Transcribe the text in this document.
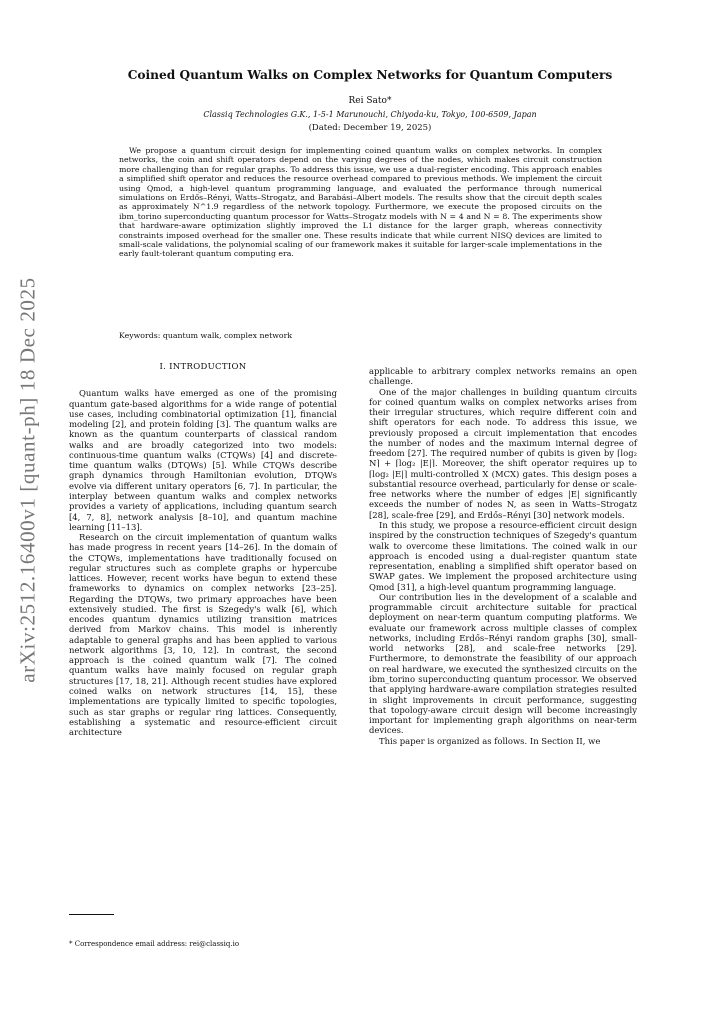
arXiv:2512.16400v1 [quant-ph] 18 Dec 2025
Coined Quantum Walks on Complex Networks for Quantum Computers
Rei Sato*
Classiq Technologies G.K., 1-5-1 Marunouchi, Chiyoda-ku, Tokyo, 100-6509, Japan
(Dated: December 19, 2025)

We propose a quantum circuit design for implementing coined quantum walks on complex networks. In complex networks, the coin and shift operators depend on the varying degrees of the nodes, which makes circuit construction more challenging than for regular graphs. To address this issue, we use a dual-register encoding. This approach enables a simplified shift operator and reduces the resource overhead compared to previous methods. We implement the circuit using Qmod, a high-level quantum programming language, and evaluated the performance through numerical simulations on Erdős–Rényi, Watts–Strogatz, and Barabási–Albert models. The results show that the circuit depth scales as approximately N^1.9 regardless of the network topology. Furthermore, we execute the proposed circuits on the ibm_torino superconducting quantum processor for Watts–Strogatz models with N = 4 and N = 8. The experiments show that hardware-aware optimization slightly improved the L1 distance for the larger graph, whereas connectivity constraints imposed overhead for the smaller one. These results indicate that while current NISQ devices are limited to small-scale validations, the polynomial scaling of our framework makes it suitable for larger-scale implementations in the early fault-tolerant quantum computing era.

Keywords: quantum walk, complex network
I. INTRODUCTION

Quantum walks have emerged as one of the promising quantum gate-based algorithms for a wide range of potential use cases, including combinatorial optimization [1], financial modeling [2], and protein folding [3]. The quantum walks are known as the quantum counterparts of classical random walks and are broadly categorized into two models: continuous-time quantum walks (CTQWs) [4] and discrete-time quantum walks (DTQWs) [5]. While CTQWs describe graph dynamics through Hamiltonian evolution, DTQWs evolve via different unitary operators [6, 7]. In particular, the interplay between quantum walks and complex networks provides a variety of applications, including quantum search [4, 7, 8], network analysis [8–10], and quantum machine learning [11–13].

Research on the circuit implementation of quantum walks has made progress in recent years [14–26]. In the domain of the CTQWs, implementations have traditionally focused on regular structures such as complete graphs or hypercube lattices. However, recent works have begun to extend these frameworks to dynamics on complex networks [23–25]. Regarding the DTQWs, two primary approaches have been extensively studied. The first is Szegedy's walk [6], which encodes quantum dynamics utilizing transition matrices derived from Markov chains. This model is inherently adaptable to general graphs and has been applied to various network algorithms [3, 10, 12]. In contrast, the second approach is the coined quantum walk [7]. The coined quantum walks have mainly focused on regular graph structures [17, 18, 21]. Although recent studies have explored coined walks on network structures [14, 15], these implementations are typically limited to specific topologies, such as star graphs or regular ring lattices. Consequently, establishing a systematic and resource-efficient circuit architecture

applicable to arbitrary complex networks remains an open challenge.

One of the major challenges in building quantum circuits for coined quantum walks on complex networks arises from their irregular structures, which require different coin and shift operators for each node. To address this issue, we previously proposed a circuit implementation that encodes the number of nodes and the maximum internal degree of freedom [27]. The required number of qubits is given by ⌈log₂ N⌉ + ⌈log₂ |E|⌉. Moreover, the shift operator requires up to ⌈log₂ |E|⌉ multi-controlled X (MCX) gates. This design poses a substantial resource overhead, particularly for dense or scale-free networks where the number of edges |E| significantly exceeds the number of nodes N, as seen in Watts–Strogatz [28], scale-free [29], and Erdős–Rényi [30] network models.

In this study, we propose a resource-efficient circuit design inspired by the construction techniques of Szegedy's quantum walk to overcome these limitations. The coined walk in our approach is encoded using a dual-register quantum state representation, enabling a simplified shift operator based on SWAP gates. We implement the proposed architecture using Qmod [31], a high-level quantum programming language.

Our contribution lies in the development of a scalable and programmable circuit architecture suitable for practical deployment on near-term quantum computing platforms. We evaluate our framework across multiple classes of complex networks, including Erdős–Rényi random graphs [30], small-world networks [28], and scale-free networks [29]. Furthermore, to demonstrate the feasibility of our approach on real hardware, we executed the synthesized circuits on the ibm_torino superconducting quantum processor. We observed that applying hardware-aware compilation strategies resulted in slight improvements in circuit performance, suggesting that topology-aware circuit design will become increasingly important for implementing graph algorithms on near-term devices.

This paper is organized as follows. In Section II, we

* Correspondence email address: rei@classiq.io
